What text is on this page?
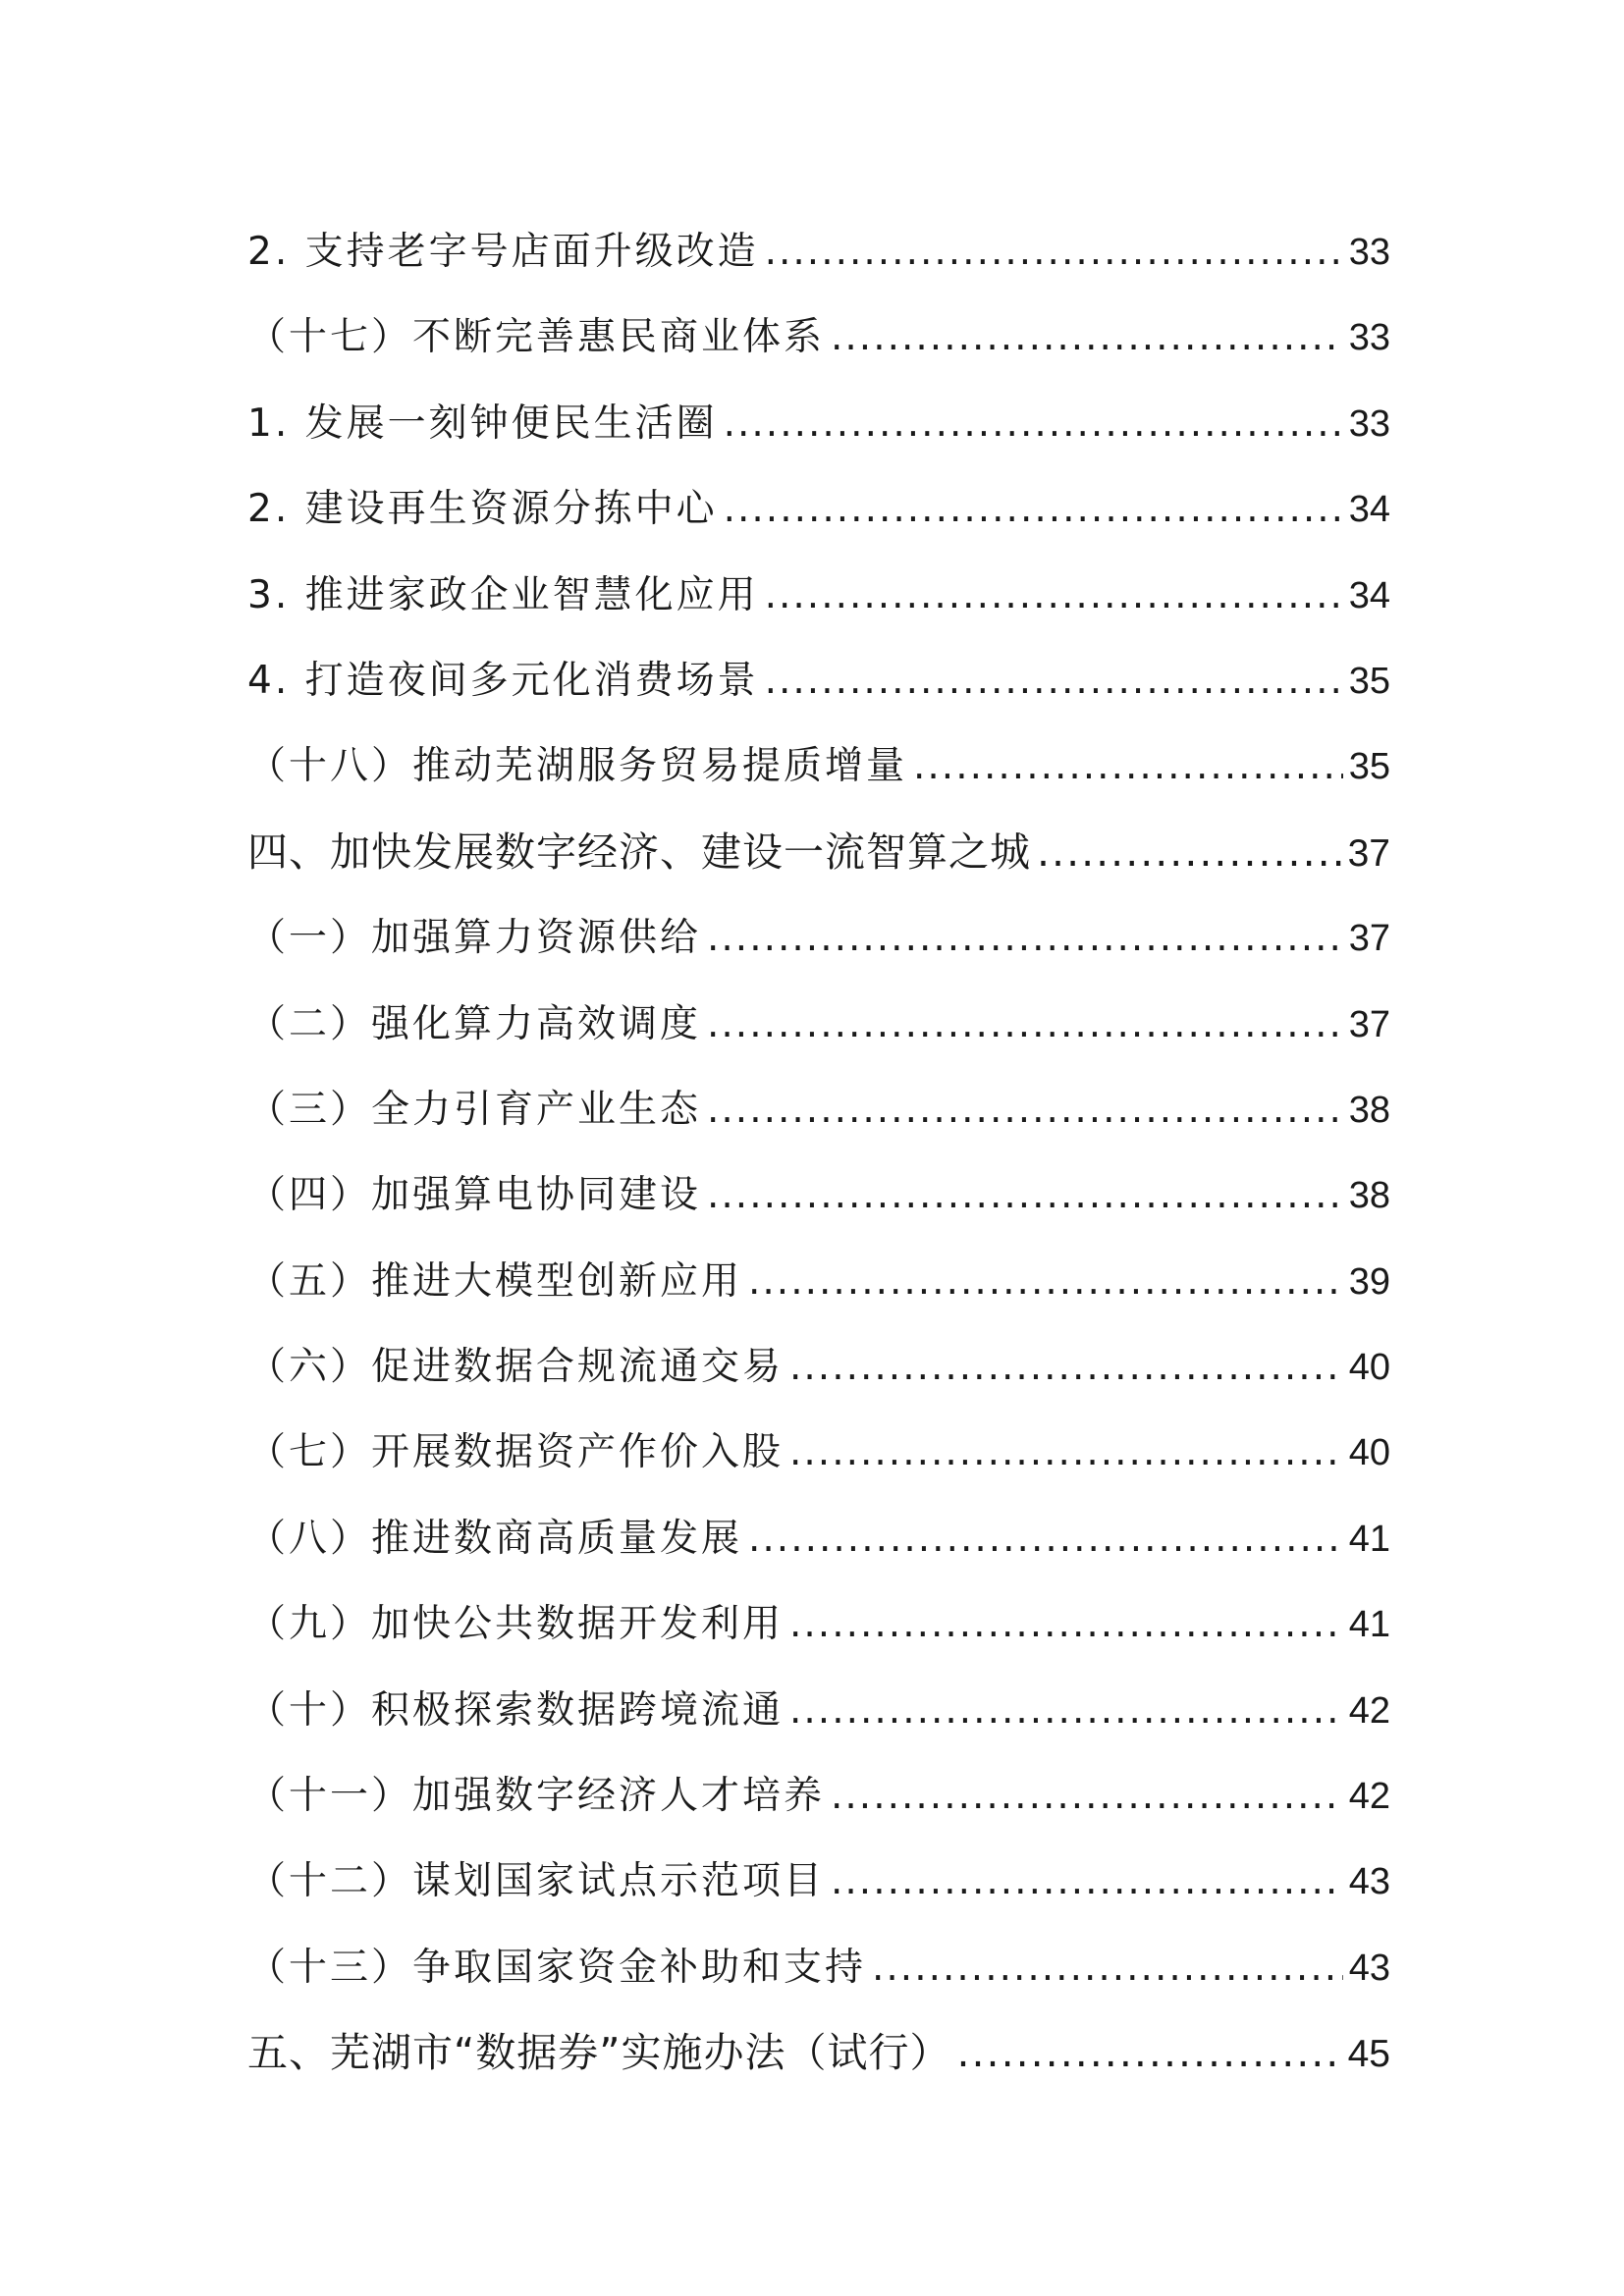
2. 支持老字号店面升级改造 .....	33
（十七）不断完善惠民商业体系 .....	33
1. 发展一刻钟便民生活圈 .....	33
2. 建设再生资源分拣中心 .....	34
3. 推进家政企业智慧化应用 .....	34
4. 打造夜间多元化消费场景 .....	35
（十八）推动芜湖服务贸易提质增量 .....	35
四、加快发展数字经济、建设一流智算之城 .....	37
（一）加强算力资源供给 .....	37
（二）强化算力高效调度 .....	37
（三）全力引育产业生态 .....	38
（四）加强算电协同建设 .....	38
（五）推进大模型创新应用 .....	39
（六）促进数据合规流通交易 .....	40
（七）开展数据资产作价入股 .....	40
（八）推进数商高质量发展 .....	41
（九）加快公共数据开发利用 .....	41
（十）积极探索数据跨境流通 .....	42
（十一）加强数字经济人才培养 .....	42
（十二）谋划国家试点示范项目 .....	43
（十三）争取国家资金补助和支持 .....	43
五、芜湖市“数据券”实施办法（试行） .....	45
